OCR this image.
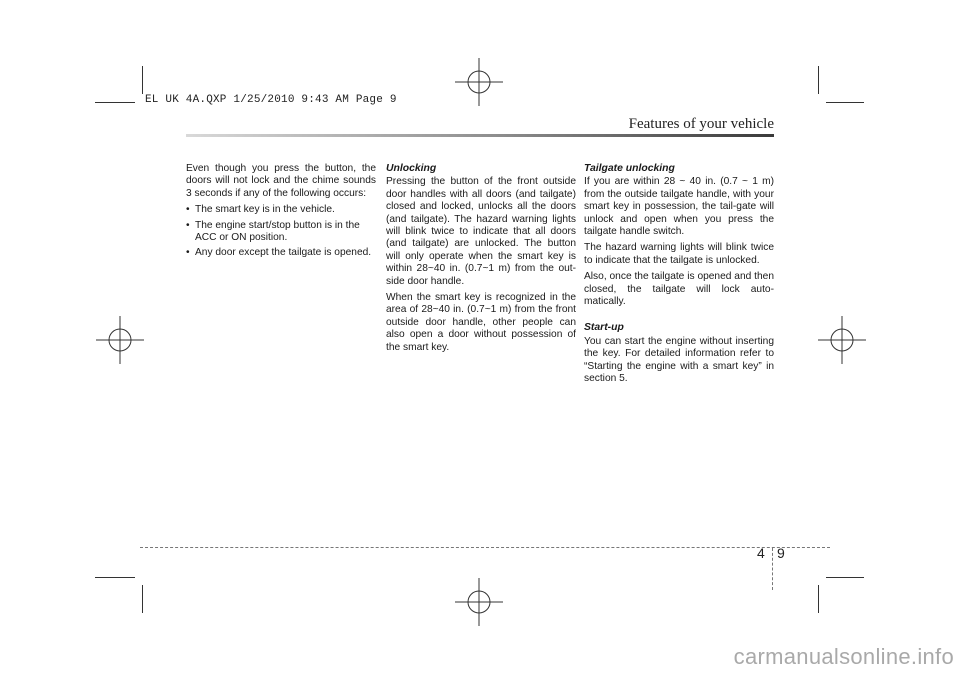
EL UK 4A.QXP 1/25/2010 9:43 AM Page 9
Features of your vehicle

Even though you press the button, the doors will not lock and the chime sounds 3 seconds if any of the following occurs:

• The smart key is in the vehicle.
• The engine start/stop button is in the ACC or ON position.
• Any door except the tailgate is opened.
Unlocking

Pressing the button of the front outside door handles with all doors (and tailgate) closed and locked, unlocks all the doors (and tailgate). The hazard warning lights will blink twice to indicate that all doors (and tailgate) are unlocked. The button will only operate when the smart key is within 28~40 in. (0.7~1 m) from the out-side door handle.

When the smart key is recognized in the area of 28~40 in. (0.7~1 m) from the front outside door handle, other people can also open a door without possession of the smart key.

Tailgate unlocking

If you are within 28 ~ 40 in. (0.7 ~ 1 m) from the outside tailgate handle, with your smart key in possession, the tail-gate will unlock and open when you press the tailgate handle switch.

The hazard warning lights will blink twice to indicate that the tailgate is unlocked.

Also, once the tailgate is opened and then closed, the tailgate will lock auto-matically.

Start-up

You can start the engine without inserting the key. For detailed information refer to “Starting the engine with a smart key” in section 5.

4 9
carmanualsonline.info
